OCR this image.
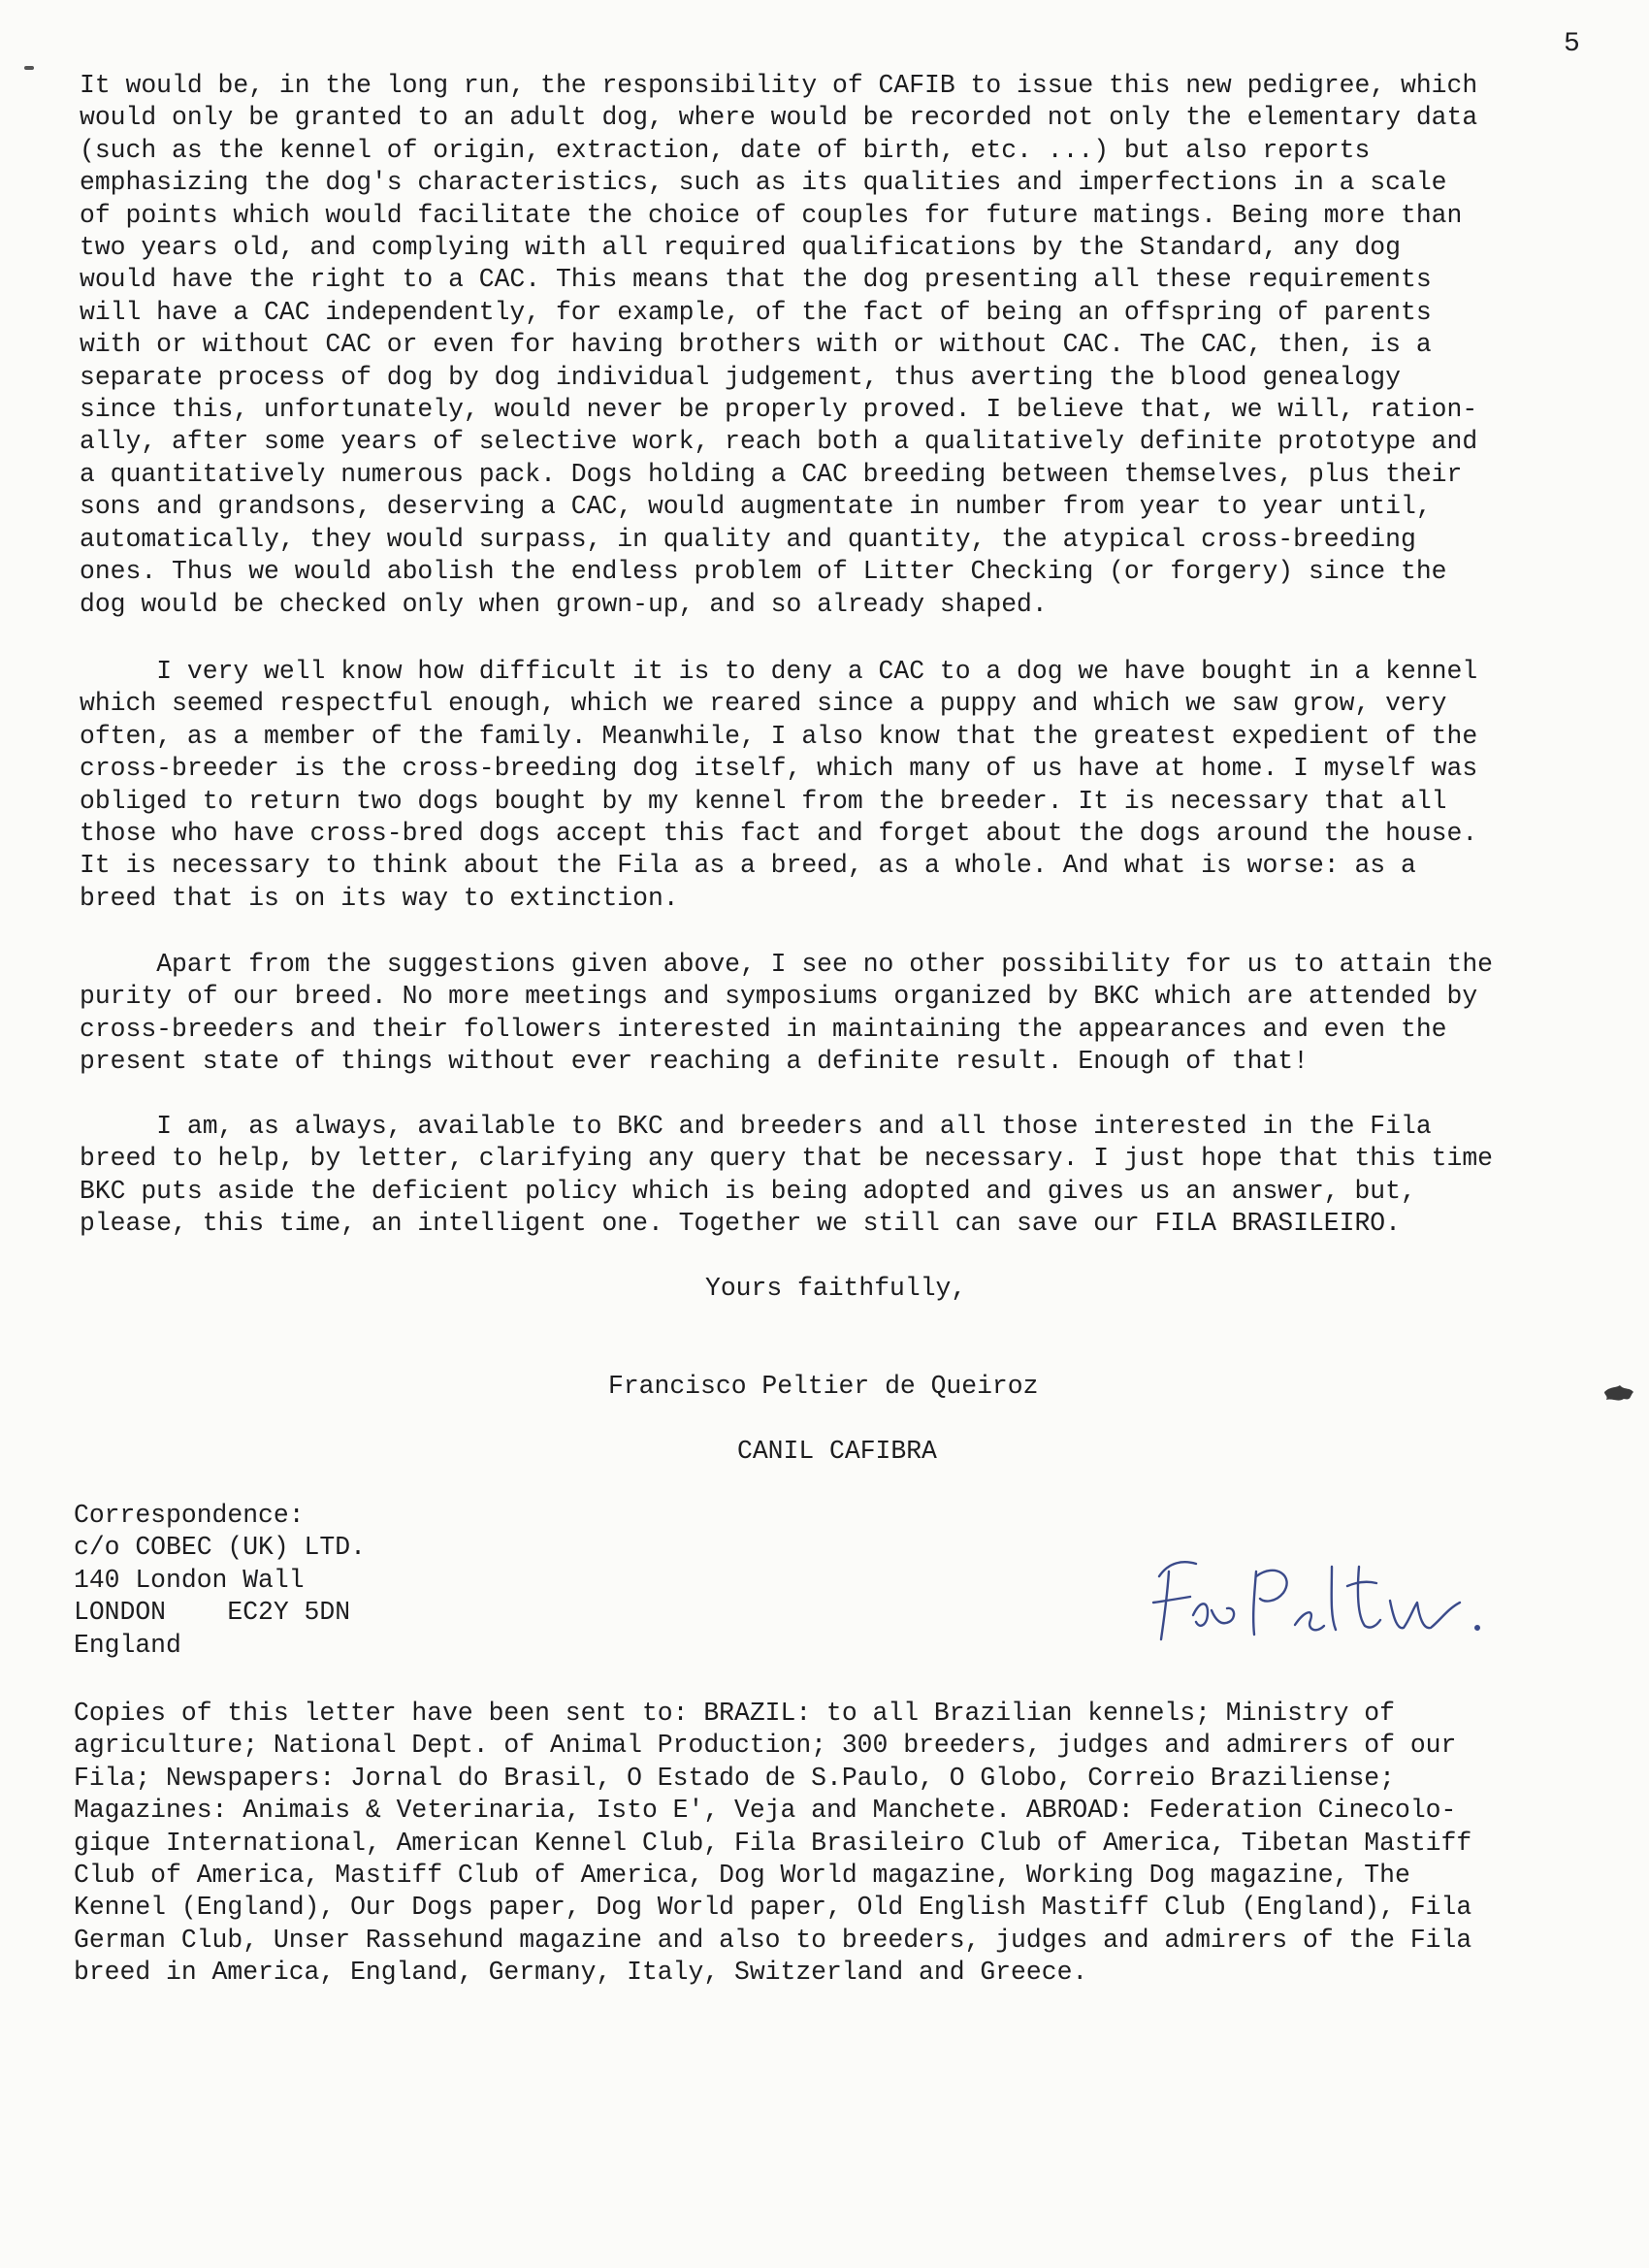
5

It would be, in the long run, the responsibility of CAFIB to issue this new pedigree, which
would only be granted to an adult dog, where would be recorded not only the elementary data
(such as the kennel of origin, extraction, date of birth, etc. ...) but also reports
emphasizing the dog's characteristics, such as its qualities and imperfections in a scale
of points which would facilitate the choice of couples for future matings. Being more than
two years old, and complying with all required qualifications by the Standard, any dog
would have the right to a CAC. This means that the dog presenting all these requirements
will have a CAC independently, for example, of the fact of being an offspring of parents
with or without CAC or even for having brothers with or without CAC. The CAC, then, is a
separate process of dog by dog individual judgement, thus averting the blood genealogy
since this, unfortunately, would never be properly proved. I believe that, we will, ration-
ally, after some years of selective work, reach both a qualitatively definite prototype and
a quantitatively numerous pack. Dogs holding a CAC breeding between themselves, plus their
sons and grandsons, deserving a CAC, would augmentate in number from year to year until,
automatically, they would surpass, in quality and quantity, the atypical cross-breeding
ones. Thus we would abolish the endless problem of Litter Checking (or forgery) since the
dog would be checked only when grown-up, and so already shaped.

I very well know how difficult it is to deny a CAC to a dog we have bought in a kennel
which seemed respectful enough, which we reared since a puppy and which we saw grow, very
often, as a member of the family. Meanwhile, I also know that the greatest expedient of the
cross-breeder is the cross-breeding dog itself, which many of us have at home. I myself was
obliged to return two dogs bought by my kennel from the breeder. It is necessary that all
those who have cross-bred dogs accept this fact and forget about the dogs around the house.
It is necessary to think about the Fila as a breed, as a whole. And what is worse: as a
breed that is on its way to extinction.

Apart from the suggestions given above, I see no other possibility for us to attain the
purity of our breed. No more meetings and symposiums organized by BKC which are attended by
cross-breeders and their followers interested in maintaining the appearances and even the
present state of things without ever reaching a definite result. Enough of that!

I am, as always, available to BKC and breeders and all those interested in the Fila
breed to help, by letter, clarifying any query that be necessary. I just hope that this time
BKC puts aside the deficient policy which is being adopted and gives us an answer, but,
please, this time, an intelligent one. Together we still can save our FILA BRASILEIRO.

Yours faithfully,

Francisco Peltier de Queiroz

CANIL CAFIBRA

Correspondence:
c/o COBEC (UK) LTD.
140 London Wall
LONDON    EC2Y 5DN
England

Copies of this letter have been sent to: BRAZIL: to all Brazilian kennels; Ministry of
agriculture; National Dept. of Animal Production; 300 breeders, judges and admirers of our
Fila; Newspapers: Jornal do Brasil, O Estado de S.Paulo, O Globo, Correio Braziliense;
Magazines: Animais & Veterinaria, Isto E', Veja and Manchete. ABROAD: Federation Cinecolo-
gique International, American Kennel Club, Fila Brasileiro Club of America, Tibetan Mastiff
Club of America, Mastiff Club of America, Dog World magazine, Working Dog magazine, The
Kennel (England), Our Dogs paper, Dog World paper, Old English Mastiff Club (England), Fila
German Club, Unser Rassehund magazine and also to breeders, judges and admirers of the Fila
breed in America, England, Germany, Italy, Switzerland and Greece.
